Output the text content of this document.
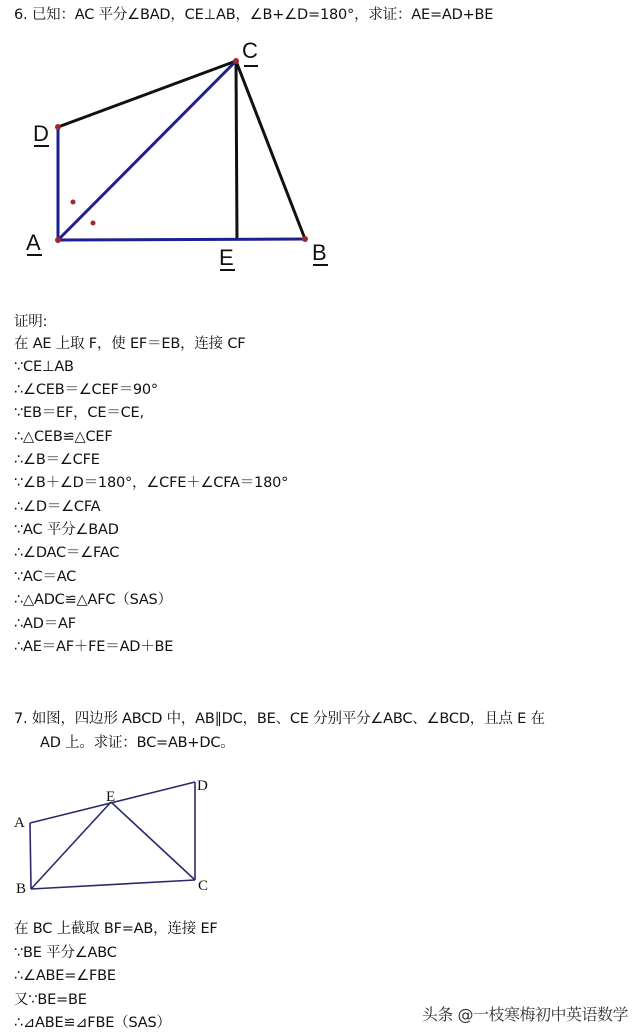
6. 已知：AC 平分∠BAD，CE⊥AB，∠B+∠D=180°，求证：AE=AD+BE
C
D
A
E	B
证明:
在 AE 上取 F，使 EF＝EB，连接 CF
∵CE⊥AB
∴∠CEB＝∠CEF＝90°
∵EB＝EF，CE＝CE,
∴△CEB≌△CEF
∴∠B＝∠CFE
∵∠B＋∠D＝180°，∠CFE＋∠CFA＝180°
∴∠D＝∠CFA
∵AC 平分∠BAD
∴∠DAC＝∠FAC
∵AC＝AC
∴△ADC≌△AFC（SAS）
∴AD＝AF
∴AE＝AF＋FE＝AD＋BE
7. 如图，四边形 ABCD 中，AB∥DC，BE、CE 分别平分∠ABC、∠BCD，且点 E 在
AD 上。求证：BC=AB+DC。
A
B	C
D
E
在 BC 上截取 BF=AB，连接 EF
∵BE 平分∠ABC
∴∠ABE=∠FBE
又∵BE=BE
∴⊿ABE≌⊿FBE（SAS）	头条 @一枝寒梅初中英语数学
